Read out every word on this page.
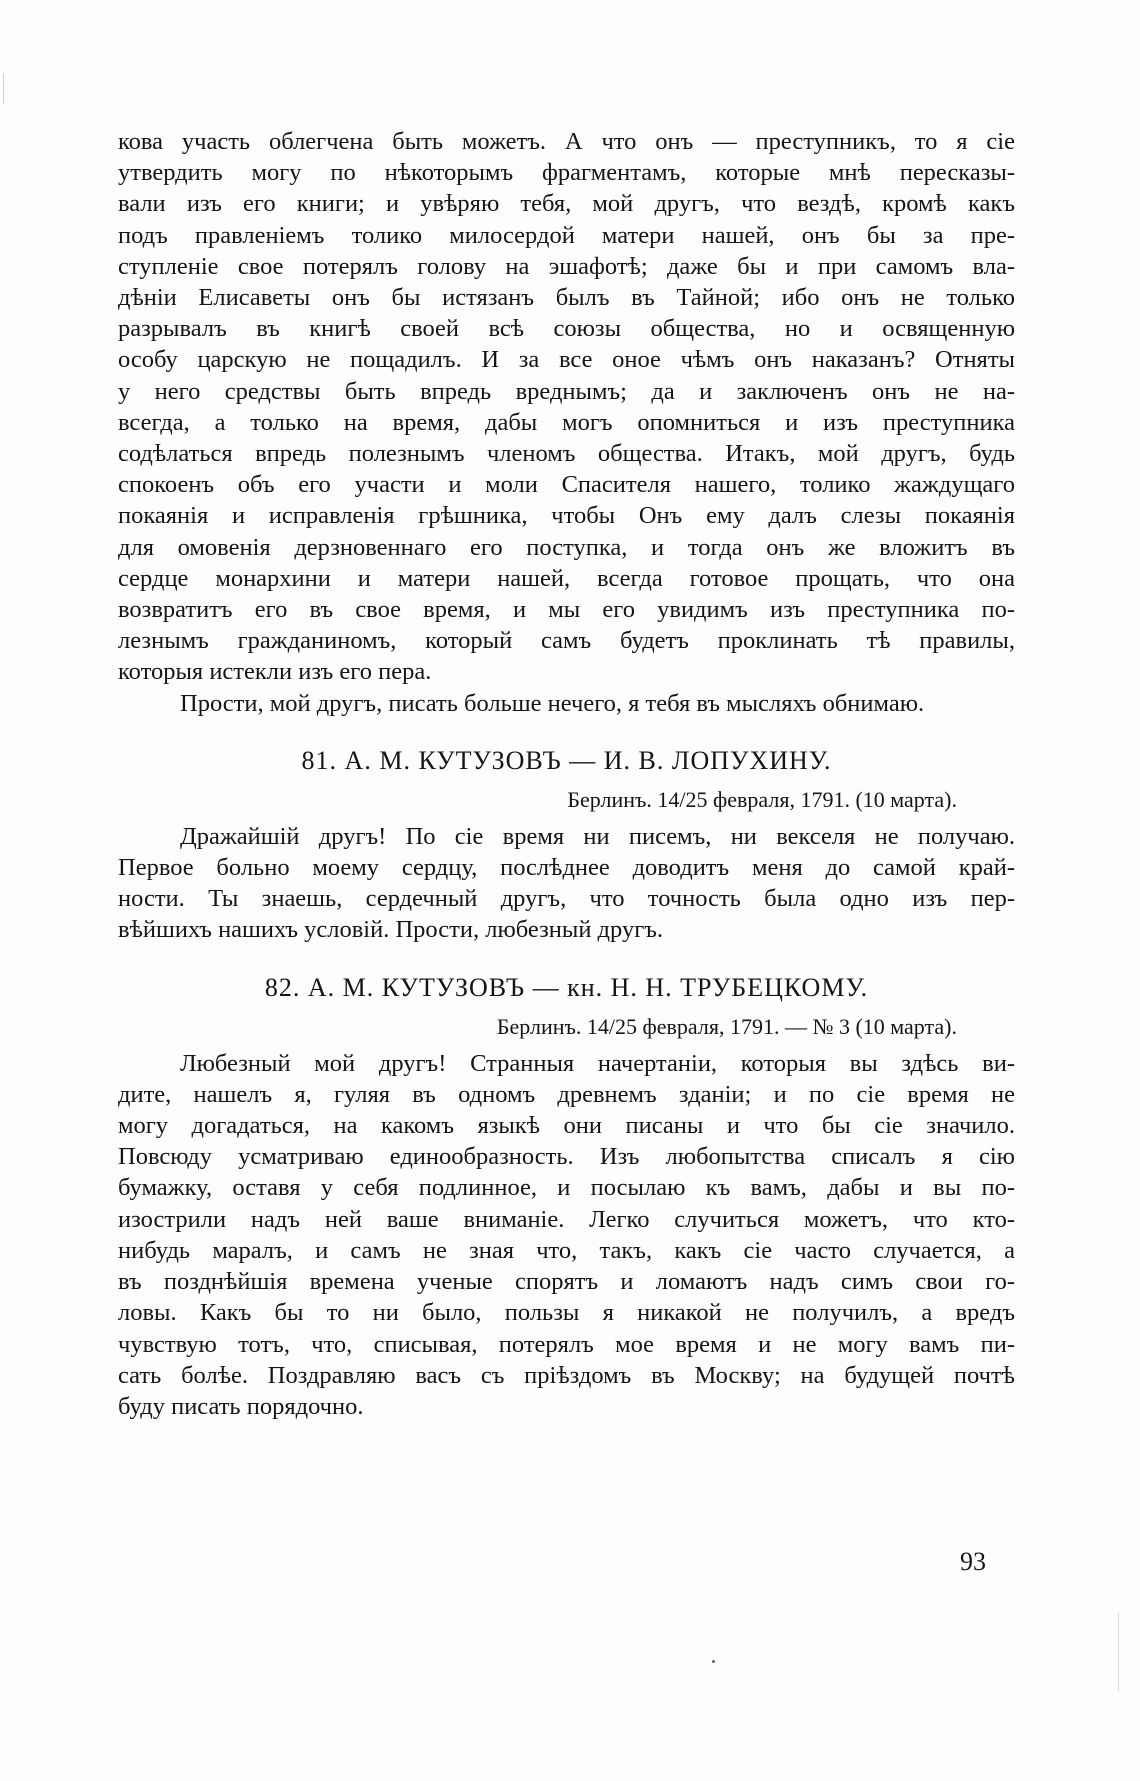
кова участь облегчена быть можетъ. А что онъ — преступникъ, то я сiе
утвердить могу по нѣкоторымъ фрагментамъ, которые мнѣ пересказы-
вали изъ его книги; и увѣряю тебя, мой другъ, что вездѣ, кромѣ какъ
подъ правленiемъ толико милосердой матери нашей, онъ бы за пре-
ступленiе свое потерялъ голову на эшафотѣ; даже бы и при самомъ вла-
дѣнiи Елисаветы онъ бы истязанъ былъ въ Тайной; ибо онъ не только
разрывалъ въ книгѣ своей всѣ союзы общества, но и освященную
особу царскую не пощадилъ. И за все оное чѣмъ онъ наказанъ? Отняты
у него средствы быть впредь вреднымъ; да и заключенъ онъ не на-
всегда, а только на время, дабы могъ опомниться и изъ преступника
содѣлаться впредь полезнымъ членомъ общества. Итакъ, мой другъ, будь
спокоенъ объ его участи и моли Спасителя нашего, толико жаждущаго
покаянiя и исправленiя грѣшника, чтобы Онъ ему далъ слезы покаянiя
для омовенiя дерзновеннаго его поступка, и тогда онъ же вложитъ въ
сердце монархини и матери нашей, всегда готовое прощать, что она
возвратитъ его въ свое время, и мы его увидимъ изъ преступника по-
лезнымъ гражданиномъ, который самъ будетъ проклинать тѣ правилы,
которыя истекли изъ его пера.
Прости, мой другъ, писать больше нечего, я тебя въ мысляхъ обнимаю.
81. А. М. КУТУЗОВЪ — И. В. ЛОПУХИНУ.
Берлинъ. 14/25 февраля, 1791. (10 марта).
Дражайшiй другъ! По сiе время ни писемъ, ни векселя не получаю.
Первое больно моему сердцу, послѣднее доводитъ меня до самой край-
ности. Ты знаешь, сердечный другъ, что точность была одно изъ пер-
вѣйшихъ нашихъ условiй. Прости, любезный другъ.
82. А. М. КУТУЗОВЪ — кн. Н. Н. ТРУБЕЦКОМУ.
Берлинъ. 14/25 февраля, 1791. — № 3 (10 марта).
Любезный мой другъ! Странныя начертанiи, которыя вы здѣсь ви-
дите, нашелъ я, гуляя въ одномъ древнемъ зданiи; и по сiе время не
могу догадаться, на какомъ языкѣ они писаны и что бы сiе значило.
Повсюду усматриваю единообразность. Изъ любопытства списалъ я сiю
бумажку, оставя у себя подлинное, и посылаю къ вамъ, дабы и вы по-
изострили надъ ней ваше вниманiе. Легко случиться можетъ, что кто-
нибудь маралъ, и самъ не зная что, такъ, какъ сiе часто случается, а
въ позднѣйшiя времена ученые спорятъ и ломаютъ надъ симъ свои го-
ловы. Какъ бы то ни было, пользы я никакой не получилъ, а вредъ
чувствую тотъ, что, списывая, потерялъ мое время и не могу вамъ пи-
сать болѣе. Поздравляю васъ съ прiѣздомъ въ Москву; на будущей почтѣ
буду писать порядочно.
93
